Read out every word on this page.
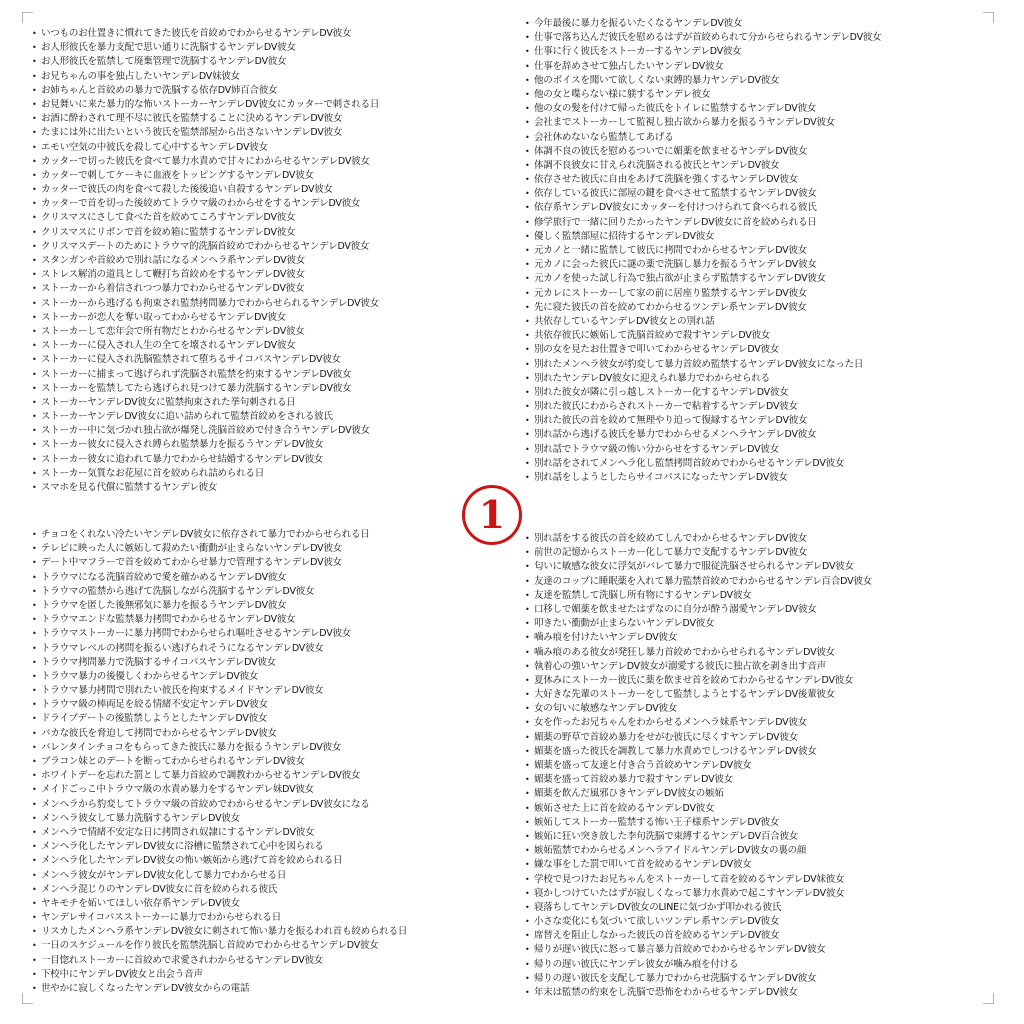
• いつものお仕置きに慣れてきた彼氏を首絞めでわからせるヤンデレDV彼女
• お人形彼氏を暴力支配で思い通りに洗脳するヤンデレDV彼女
• お人形彼氏を監禁して廃棄管理で洗脳するヤンデレDV彼女
• お兄ちゃんの事を独占したいヤンデレDV妹彼女
• お姉ちゃんと首絞めの暴力で洗脳する依存DV姉百合彼女
• お見舞いに来た暴力的な怖いストーカーヤンデレDV彼女にカッターで刺される日
• お酒に酔わされて理不尽に彼氏を監禁することに決めるヤンデレDV彼女
• たまには外に出たいという彼氏を監禁部屋から出さないヤンデレDV彼女
• エモい空気の中彼氏を殺して心中するヤンデレDV彼女
• カッターで切った彼氏を食べて暴力水責めで甘々にわからせるヤンデレDV彼女
• カッターで刺してケーキに血液をトッピングするヤンデレDV彼女
• カッターで彼氏の肉を食べて殺した後後追い自殺するヤンデレDV彼女
• カッターで首を切った後絞めてトラウマ級のわからせをするヤンデレDV彼女
• クリスマスにさして食べた首を絞めてころすヤンデレDV彼女
• クリスマスにリボンで首を絞め箱に監禁するヤンデレDV彼女
• クリスマスデートのためにトラウマ的洗脳首絞めでわからせるヤンデレDV彼女
• スタンガンや首絞めで別れ話になるメンヘラ系ヤンデレDV彼女
• ストレス解消の道具として鞭打ち首絞めをするヤンデレDV彼女
• ストーカーから着信されつつ暴力でわからせるヤンデレDV彼女
• ストーカーから逃げるも拘束され監禁拷問暴力でわからせられるヤンデレDV彼女
• ストーカーが恋人を奪い取ってわからせるヤンデレDV彼女
• ストーカーして恋年会で所有物だとわからせるヤンデレDV彼女
• ストーカーに侵入され人生の全てを壊されるヤンデレDV彼女
• ストーカーに侵入され洗脳監禁されて堕ちるサイコパスヤンデレDV彼女
• ストーカーに捕まって逃げられず洗脳され監禁を約束するヤンデレDV彼女
• ストーカーを監禁してたら逃げられ見つけて暴力洗脳するヤンデレDV彼女
• ストーカーヤンデレDV彼女に監禁拘束された挙句刺される日
• ストーカーヤンデレDV彼女に追い詰められて監禁首絞めをされる彼氏
• ストーカー中に気づかれ独占欲が爆発し洗脳首絞めで付き合うヤンデレDV彼女
• ストーカー彼女に侵入され縛られ監禁暴力を振るうヤンデレDV彼女
• ストーカー彼女に追われて暴力でわからせ結婚するヤンデレDV彼女
• ストーカー気質なお花屋に首を絞められ詰められる日
• スマホを見る代償に監禁するヤンデレ彼女
• 今年最後に暴力を振るいたくなるヤンデレDV彼女
• 仕事で落ち込んだ彼氏を慰めるはずが首絞められて分からせられるヤンデレDV彼女
• 仕事に行く彼氏をストーカーするヤンデレDV彼女
• 仕事を辞めさせて独占したいヤンデレDV彼女
• 他のボイスを聞いて欲しくない束縛的暴力ヤンデレDV彼女
• 他の女と喋らない様に躾するヤンデレ彼女
• 他の女の髪を付けて帰った彼氏をトイレに監禁するヤンデレDV彼女
• 会社までストーカーして監視し独占欲から暴力を振るうヤンデレDV彼女
• 会社休めないなら監禁してあげる
• 体調不良の彼氏を慰めるついでに媚薬を飲ませるヤンデレDV彼女
• 体調不良彼女に甘えられ洗脳される彼氏とヤンデレDV彼女
• 依存させた彼氏に自由をあげて洗脳を強くするヤンデレDV彼女
• 依存している彼氏に部屋の鍵を食べさせて監禁するヤンデレDV彼女
• 依存系ヤンデレDV彼女にカッターを付けつけられて食べられる彼氏
• 修学旅行で一緒に回りたかったヤンデレDV彼女に首を絞められる日
• 優しく監禁部屋に招待するヤンデレDV彼女
• 元カノと一緒に監禁して彼氏に拷問でわからせるヤンデレDV彼女
• 元カノに会った彼氏に謎の薬で洗脳し暴力を振るうヤンデレDV彼女
• 元カノを使った試し行為で独占欲が止まらず監禁するヤンデレDV彼女
• 元カレにストーカーして家の前に居座り監禁するヤンデレDV彼女
• 先に寝た彼氏の首を絞めてわからせるツンデレ系ヤンデレDV彼女
• 共依存しているヤンデレDV彼女との別れ話
• 共依存彼氏に嫉妬して洗脳首絞めで殺すヤンデレDV彼女
• 別の女を見たお仕置きで叩いてわからせるヤンデレDV彼女
• 別れたメンヘラ彼女が豹変して暴力首絞め監禁するヤンデレDV彼女になった日
• 別れたヤンデレDV彼女に迎えられ暴力でわからせられる
• 別れた彼女が隣に引っ越しストーカー化するヤンデレDV彼女
• 別れた彼氏にわからされストーカーで粘着するヤンデレDV彼女
• 別れた彼氏の首を絞めて無理やり迫って復縁するヤンデレDV彼女
• 別れ話から逃げる彼氏を暴力でわからせるメンヘラヤンデレDV彼女
• 別れ話でトラウマ級の怖い分からせをするヤンデレDV彼女
• 別れ話をされてメンヘラ化し監禁拷問首絞めでわからせるヤンデレDV彼女
• 別れ話をしようとしたらサイコパスになったヤンデレDV彼女
• チョコをくれない冷たいヤンデレDV彼女に依存されて暴力でわからせられる日
• テレビに映った人に嫉妬して殺めたい衝動が止まらないヤンデレDV彼女
• デート中マフラーで首を絞めてわからせ暴力で管理するヤンデレDV彼女
• トラウマになる洗脳首絞めで愛を確かめるヤンデレDV彼女
• トラウマの監禁から逃げて洗脳しながら洗脳するヤンデレDV彼女
• トラウマを匿した後無邪気に暴力を振るうヤンデレDV彼女
• トラウマエンドな監禁暴力拷問でわからせるヤンデレDV彼女
• トラウマストーカーに暴力拷問でわからせられ嘔吐させるヤンデレDV彼女
• トラウマレベルの拷問を振るい逃げられそうになるヤンデレDV彼女
• トラウマ拷問暴力で洗脳するサイコパスヤンデレDV彼女
• トラウマ暴力の後優しくわからせるヤンデレDV彼女
• トラウマ暴力拷問で別れたい彼氏を拘束するメイドヤンデレDV彼女
• トラウマ級の棒両足を絞る情緒不安定ヤンデレDV彼女
• ドライブデートの後監禁しようとしたヤンデレDV彼女
• バカな彼氏を脅迫して拷問でわからせるヤンデレDV彼女
• バレンタインチョコをもらってきた彼氏に暴力を振るうヤンデレDV彼女
• ブラコン妹とのデートを断ってわからせられるヤンデレDV彼女
• ホワイトデーを忘れた罰として暴力首絞めで調教わからせるヤンデレDV彼女
• メイドごっこ中トラウマ級の水責め暴力をするヤンデレ妹DV彼女
• メンヘラから豹変してトラウマ級の首絞めでわからせるヤンデレDV彼女になる
• メンヘラ彼女して暴力洗脳するヤンデレDV彼女
• メンヘラで情緒不安定な日に拷問され奴隷にするヤンデレDV彼女
• メンヘラ化したヤンデレDV彼女に浴槽に監禁されて心中を図られる
• メンヘラ化したヤンデレDV彼女の怖い嫉妬から逃げて首を絞められる日
• メンヘラ彼女がヤンデレDV彼女化して暴力でわからせる日
• メンヘラ混じりのヤンデレDV彼女に首を絞められる彼氏
• ヤキモチを妬いてほしい依存系ヤンデレDV彼女
• ヤンデレサイコパスストーカーに暴力でわからせられる日
• リスカしたメンヘラ系ヤンデレDV彼女に刺されて怖い暴力を振るわれ首も絞められる日
• 一日のスケジュールを作り彼氏を監禁洗脳し首絞めでわからせるヤンデレDV彼女
• 一目惚れストーカーに首絞めで求愛されわからせるヤンデレDV彼女
• 下校中にヤンデレDV彼女と出会う音声
• 世やかに寂しくなったヤンデレDV彼女からの電話
• 別れ話をする彼氏の首を絞めてしんでわからせるヤンデレDV彼女
• 前世の記憶からストーカー化して暴力で支配するヤンデレDV彼女
• 匂いに敏感な彼女に浮気がバレて暴力で服従洗脳させられるヤンデレDV彼女
• 友達のコップに睡眠薬を入れて暴力監禁首絞めでわからせるヤンデレ百合DV彼女
• 友達を監禁して洗脳し所有物にするヤンデレDV彼女
• 口移しで媚薬を飲ませたはずなのに自分が酔う溺愛ヤンデレDV彼女
• 叩きたい衝動が止まらないヤンデレDV彼女
• 噛み痕を付けたいヤンデレDV彼女
• 噛み痕のある彼女が発狂し暴力首絞めでわからせられるヤンデレDV彼女
• 執着心の強いヤンデレDV彼女が溺愛する彼氏に独占欲を剥き出す音声
• 夏休みにストーカー彼氏に薬を飲ませ首を絞めてわからせるヤンデレDV彼女
• 大好きな先輩のストーカーをして監禁しようとするヤンデレDV後輩彼女
• 女の匂いに敏感なヤンデレDV彼女
• 女を作ったお兄ちゃんをわからせるメンヘラ妹系ヤンデレDV彼女
• 媚薬の野草で首絞め暴力をせがむ彼氏に尽くすヤンデレDV彼女
• 媚薬を盛った彼氏を調教して暴力水責めでしつけるヤンデレDV彼女
• 媚薬を盛って友達と付き合う首絞めヤンデレDV彼女
• 媚薬を盛って首絞め暴力で殺すヤンデレDV彼女
• 媚薬を飲んだ風邪ひきヤンデレDV彼女の嫉妬
• 嫉妬させた上に首を絞めるヤンデレDV彼女
• 嫉妬してストーカー監禁する怖い王子様系ヤンデレDV彼女
• 嫉妬に狂い突き放した李句洗脳で束縛するヤンデレDV百合彼女
• 嫉妬監禁でわからせるメンヘラアイドルヤンデレDV彼女の裏の顔
• 嫌な事をした罰で叩いて首を絞めるヤンデレDV彼女
• 学校で見つけたお兄ちゃんをストーカーして首を絞めるヤンデレDV妹彼女
• 寝かしつけていたはずが寂しくなって暴力水責めで起こすヤンデレDV彼女
• 寝落ちしてヤンデレDV彼女のLINEに気づかず叩かれる彼氏
• 小さな変化にも気づいて欲しいツンデレ系ヤンデレDV彼女
• 席替えを阻止しなかった彼氏の首を絞めるヤンデレDV彼女
• 帰りが遅い彼氏に怒って暴言暴力首絞めでわからせるヤンデレDV彼女
• 帰りの遅い彼氏にヤンデレ彼女が噛み痕を付ける
• 帰りの遅い彼氏を支配して暴力でわからせ洗脳するヤンデレDV彼女
• 年末は監禁の約束をし洗脳で恐怖をわからせるヤンデレDV彼女
1
